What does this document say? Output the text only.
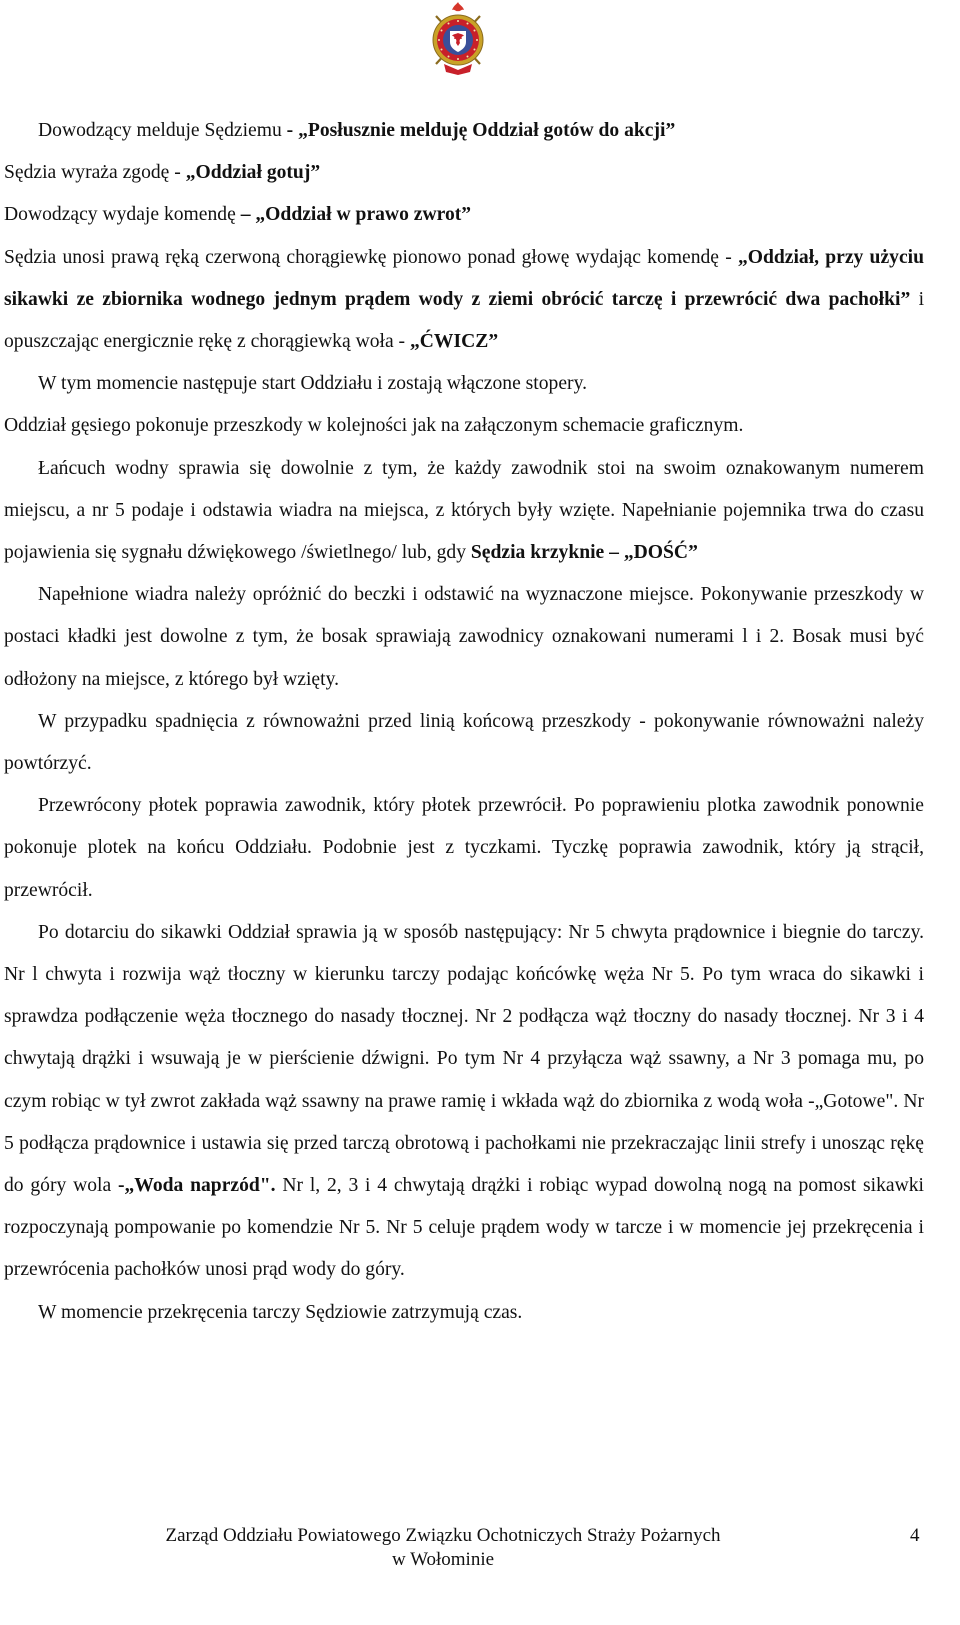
Dowodzący melduje Sędziemu - „Posłusznie melduję Oddział gotów do akcji”

Sędzia wyraża zgodę - „Oddział gotuj”

Dowodzący wydaje komendę – „Oddział w prawo zwrot”

Sędzia unosi prawą ręką czerwoną chorągiewkę pionowo ponad głowę wydając komendę - „Oddział, przy użyciu sikawki ze zbiornika wodnego jednym prądem wody z ziemi obrócić tarczę i przewrócić dwa pachołki” i opuszczając energicznie rękę z chorągiewką woła - „ĆWICZ”

W tym momencie następuje start Oddziału i zostają włączone stopery.

Oddział gęsiego pokonuje przeszkody w kolejności jak na załączonym schemacie graficznym.

Łańcuch wodny sprawia się dowolnie z tym, że każdy zawodnik stoi na swoim oznakowanym numerem miejscu, a nr 5 podaje i odstawia wiadra na miejsca, z których były wzięte. Napełnianie pojemnika trwa do czasu pojawienia się sygnału dźwiękowego /świetlnego/ lub, gdy Sędzia krzyknie – „DOŚĆ”

Napełnione wiadra należy opróżnić do beczki i odstawić na wyznaczone miejsce. Pokonywanie przeszkody w postaci kładki jest dowolne z tym, że bosak sprawiają zawodnicy oznakowani numerami l i 2. Bosak musi być odłożony na miejsce, z którego był wzięty.

W przypadku spadnięcia z równoważni przed linią końcową przeszkody - pokonywanie równoważni należy powtórzyć.

Przewrócony płotek poprawia zawodnik, który płotek przewrócił. Po poprawieniu plotka zawodnik ponownie pokonuje plotek na końcu Oddziału. Podobnie jest z tyczkami. Tyczkę poprawia zawodnik, który ją strącił, przewrócił.

Po dotarciu do sikawki Oddział sprawia ją w sposób następujący: Nr 5 chwyta prądownice i biegnie do tarczy. Nr l chwyta i rozwija wąż tłoczny w kierunku tarczy podając końcówkę węża Nr 5. Po tym wraca do sikawki i sprawdza podłączenie węża tłocznego do nasady tłocznej. Nr 2 podłącza wąż tłoczny do nasady tłocznej. Nr 3 i 4 chwytają drążki i wsuwają je w pierścienie dźwigni. Po tym Nr 4 przyłącza wąż ssawny, a Nr 3 pomaga mu, po czym robiąc w tył zwrot zakłada wąż ssawny na prawe ramię i wkłada wąż do zbiornika z wodą woła -„Gotowe". Nr 5 podłącza prądownice i ustawia się przed tarczą obrotową i pachołkami nie przekraczając linii strefy i unosząc rękę do góry wola -„Woda naprzód". Nr l, 2, 3 i 4 chwytają drążki i robiąc wypad dowolną nogą na pomost sikawki rozpoczynają pompowanie po komendzie Nr 5. Nr 5 celuje prądem wody w tarcze i w momencie jej przekręcenia i przewrócenia pachołków unosi prąd wody do góry.

W momencie przekręcenia tarczy Sędziowie zatrzymują czas.

Zarząd Oddziału Powiatowego Związku Ochotniczych Straży Pożarnych
w Wołominie
4
